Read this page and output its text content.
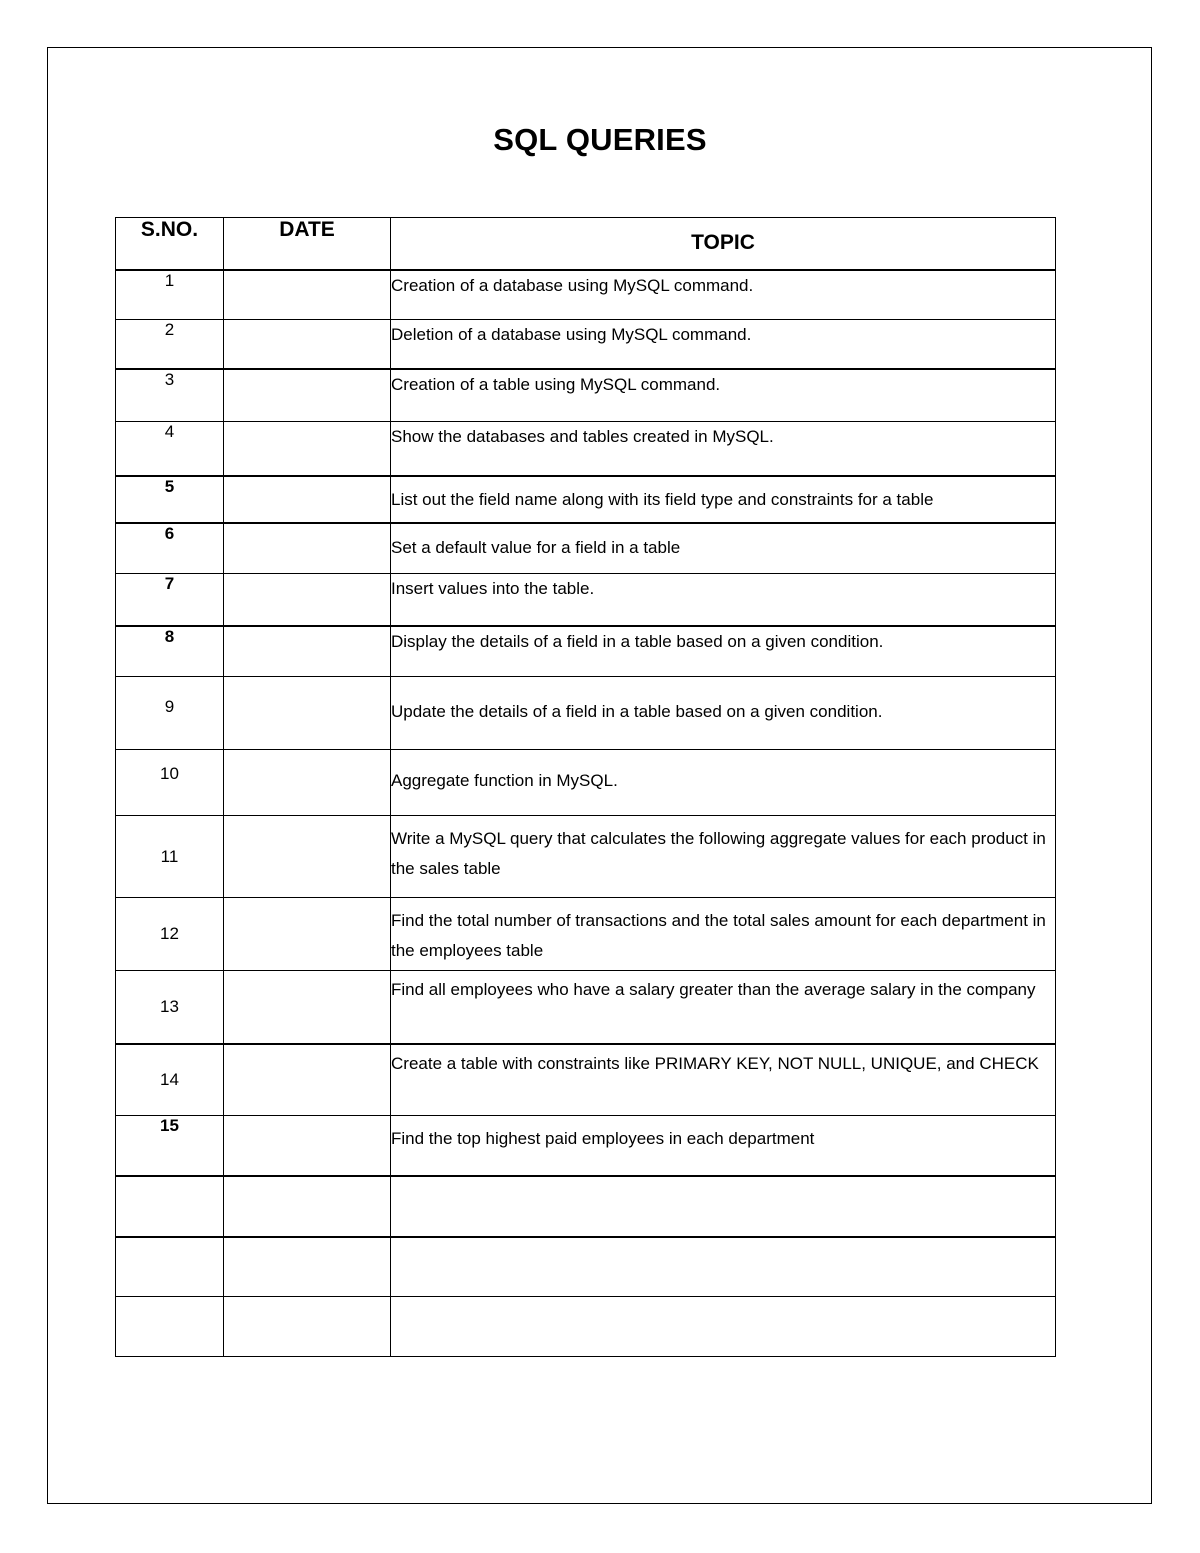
SQL QUERIES
S.NO.	DATE	TOPIC
1		Creation of a database using MySQL command.
2		Deletion of a database using MySQL command.
3		Creation of a table using MySQL command.
4		Show the databases and tables created in MySQL.
5		List out the field name along with its field type and constraints for a table
6		Set a default value for a field in a table
7		Insert values into the table.
8		Display the details of a field in a table based on a given condition.
9		Update the details of a field in a table based on a given condition.
10		Aggregate function in MySQL.
11		Write a MySQL query that calculates the following aggregate values for each product in the sales table
12		Find the total number of transactions and the total sales amount for each department in the employees table
13		Find all employees who have a salary greater than the average salary in the company
14		Create a table with constraints like PRIMARY KEY, NOT NULL, UNIQUE, and CHECK
15		Find the top highest paid employees in each department
